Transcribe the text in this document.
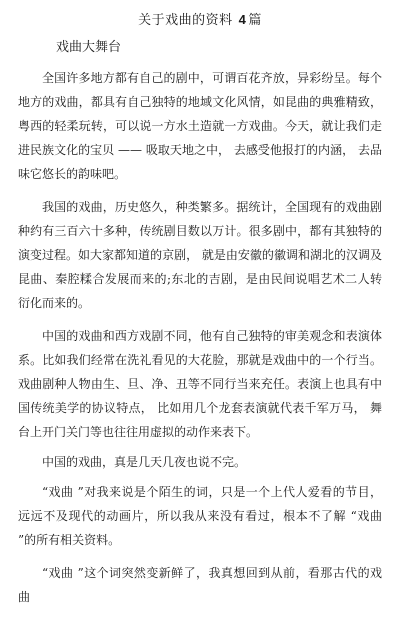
关于戏曲的资料 4 篇
戏曲大舞台

全国许多地方都有自己的剧中，可谓百花齐放，异彩纷呈。每个地方的戏曲，都具有自己独特的地域文化风情，如昆曲的典雅精致，粤西的轻柔玩转，可以说一方水土造就一方戏曲。今天，就让我们走进民族文化的宝贝 —— 吸取天地之中， 去感受他报打的内涵， 去品味它悠长的韵味吧。

我国的戏曲，历史悠久，种类繁多。据统计，全国现有的戏曲剧种约有三百六十多种，传统剧目数以万计。很多剧中，都有其独特的演变过程。如大家都知道的京剧， 就是由安徽的徽调和湖北的汉调及昆曲、秦腔糅合发展而来的;东北的吉剧，是由民间说唱艺术二人转衍化而来的。

中国的戏曲和西方戏剧不同，他有自己独特的审美观念和表演体系。比如我们经常在洗礼看见的大花脸，那就是戏曲中的一个行当。戏曲剧种人物由生、旦、净、丑等不同行当来充任。表演上也具有中国传统美学的协议特点， 比如用几个龙套表演就代表千军万马， 舞台上开门关门等也往往用虚拟的动作来表下。

中国的戏曲，真是几天几夜也说不完。

“戏曲 ”对我来说是个陌生的词，只是一个上代人爱看的节目，远远不及现代的动画片，所以我从来没有看过，根本不了解 “戏曲 ”的所有相关资料。

“戏曲 ”这个词突然变新鲜了，我真想回到从前，看那古代的戏曲
